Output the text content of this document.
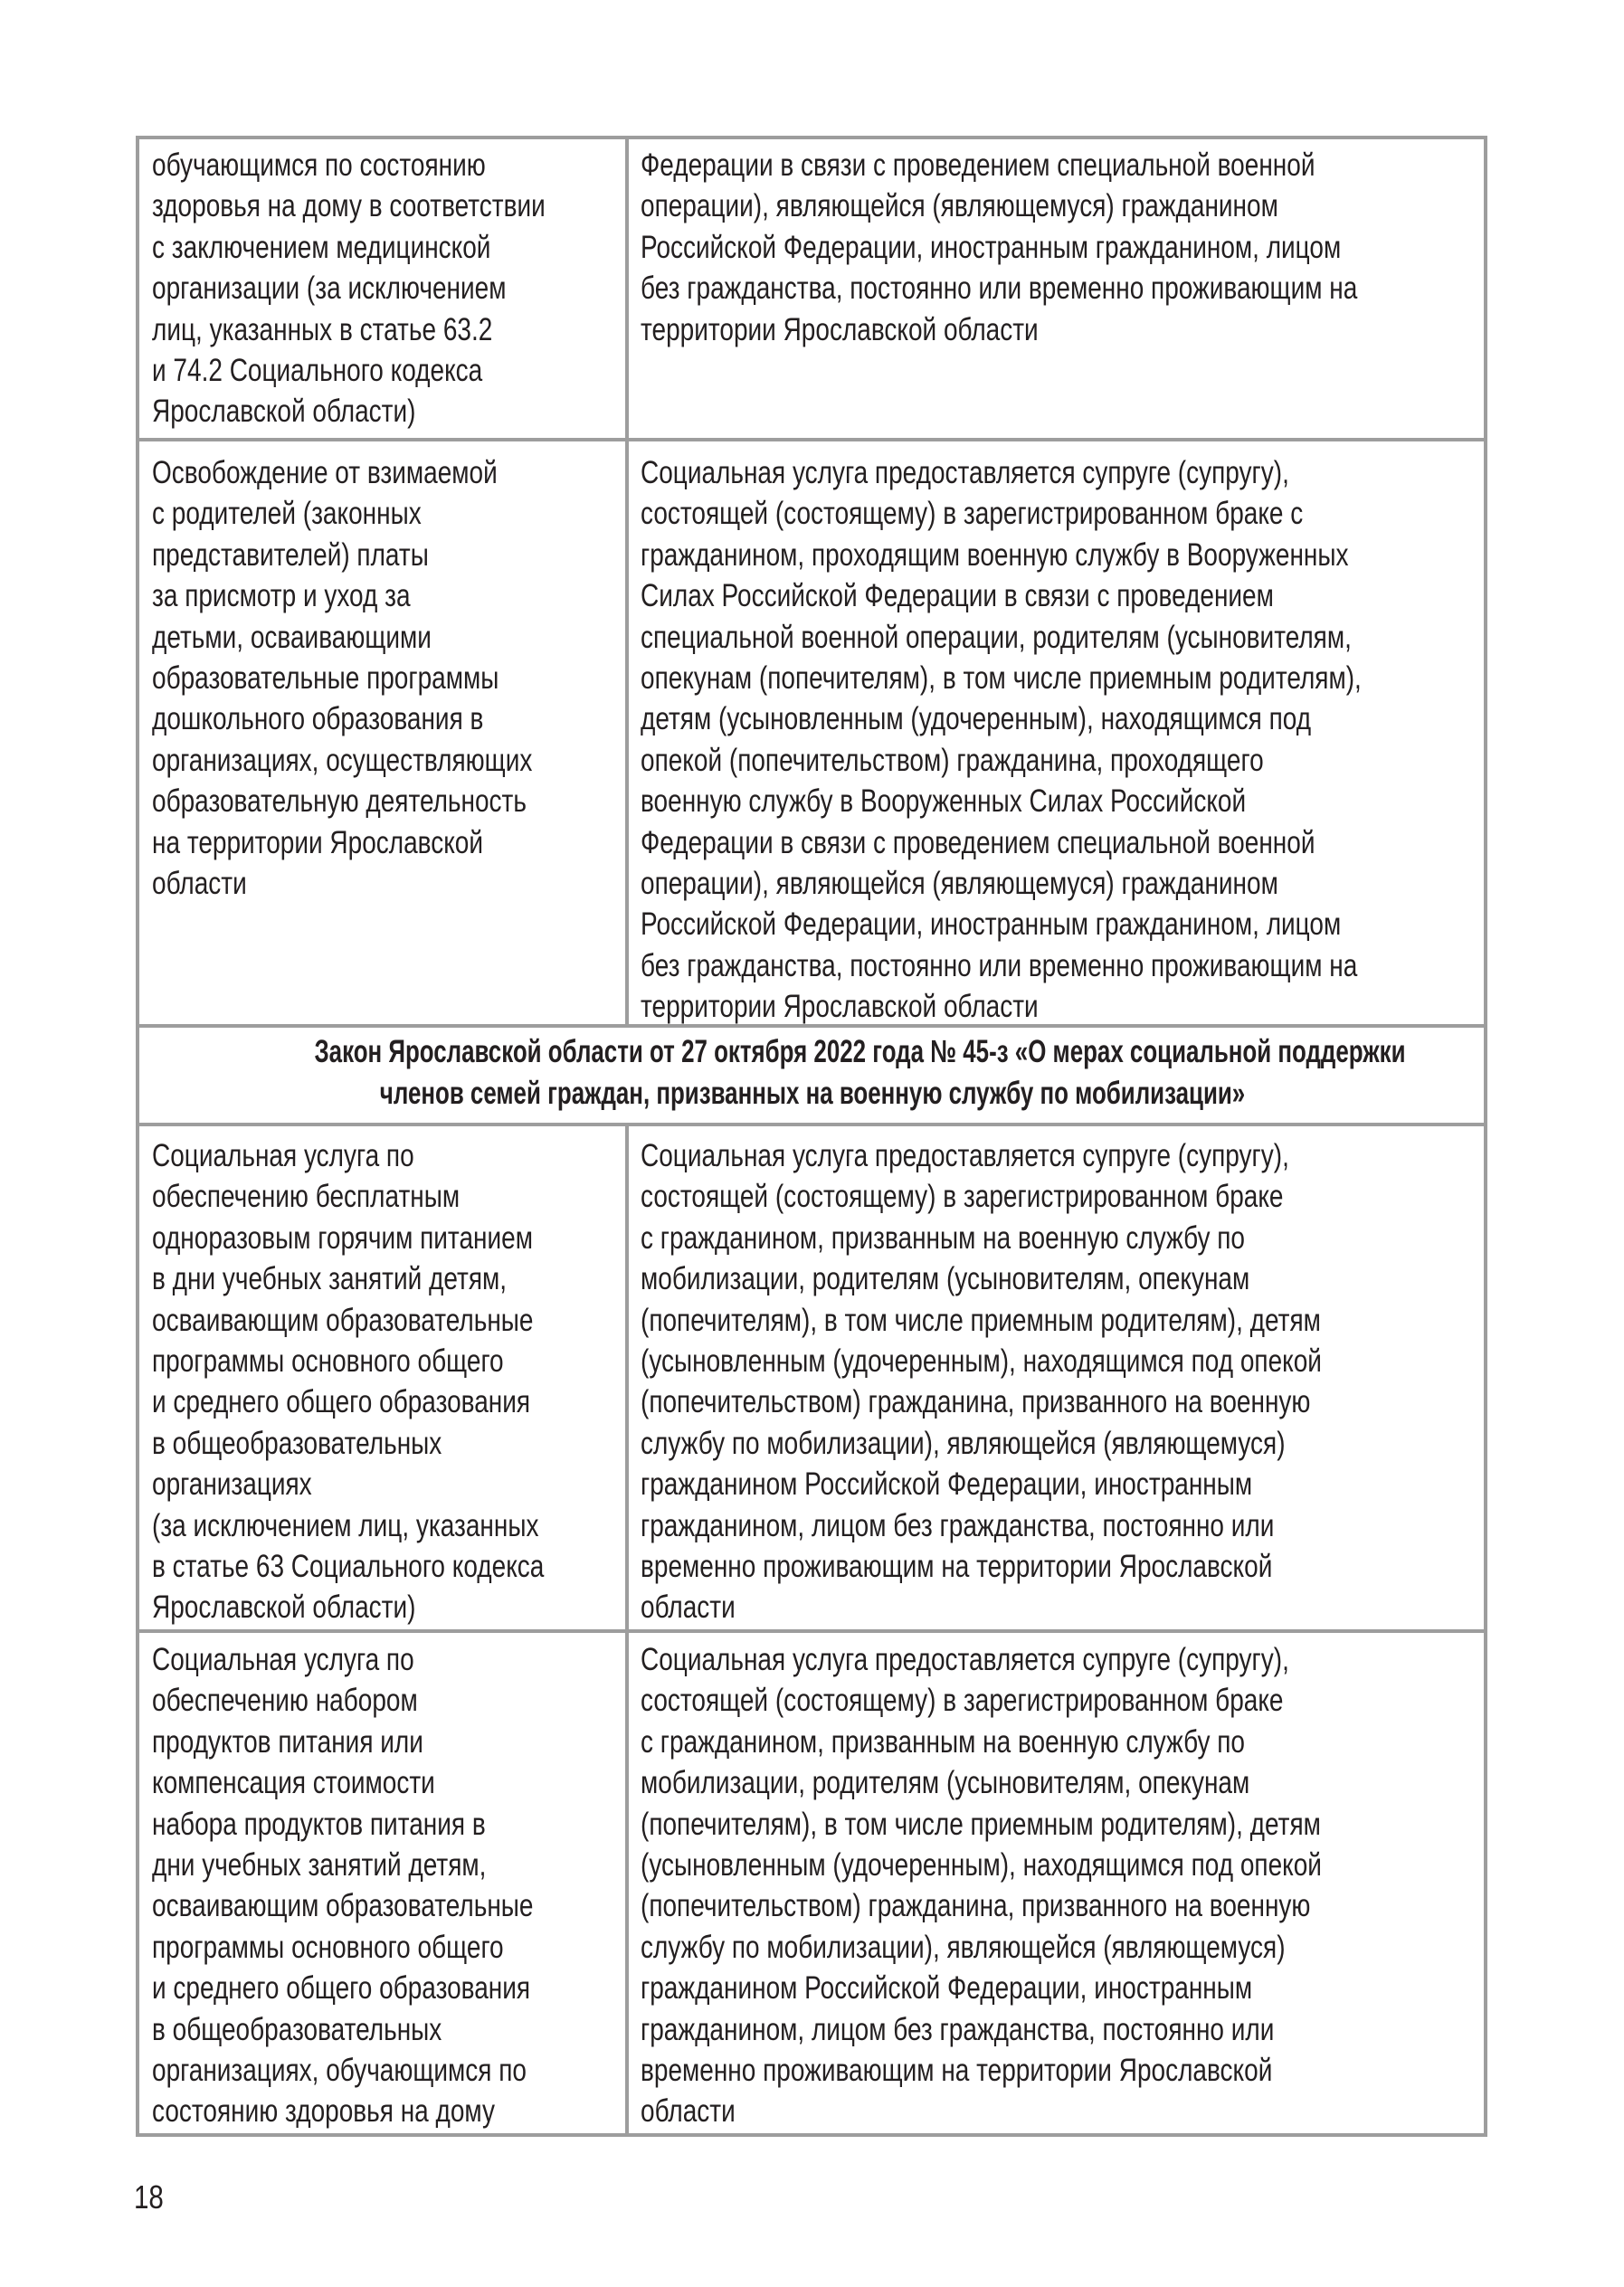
обучающимся по состоянию
здоровья на дому в соответствии
с заключением медицинской
организации (за исключением
лиц, указанных в статье 63.2
и 74.2 Социального кодекса
Ярославской области)
Федерации в связи с проведением специальной военной
операции), являющейся (являющемуся) гражданином
Российской Федерации, иностранным гражданином, лицом
без гражданства, постоянно или временно проживающим на
территории Ярославской области
Освобождение от взимаемой
с родителей (законных
представителей) платы
за присмотр и уход за
детьми, осваивающими
образовательные программы
дошкольного образования в
организациях, осуществляющих
образовательную деятельность
на территории Ярославской
области
Социальная услуга предоставляется супруге (супругу),
состоящей (состоящему) в зарегистрированном браке с
гражданином, проходящим военную службу в Вооруженных
Силах Российской Федерации в связи с проведением
специальной военной операции, родителям (усыновителям,
опекунам (попечителям), в том числе приемным родителям),
детям (усыновленным (удочеренным), находящимся под
опекой (попечительством) гражданина, проходящего
военную службу в Вооруженных Силах Российской
Федерации в связи с проведением специальной военной
операции), являющейся (являющемуся) гражданином
Российской Федерации, иностранным гражданином, лицом
без гражданства, постоянно или временно проживающим на
территории Ярославской области
Закон Ярославской области от 27 октября 2022 года № 45-з «О мерах социальной поддержки
членов семей граждан, призванных на военную службу по мобилизации»
Социальная услуга по
обеспечению бесплатным
одноразовым горячим питанием
в дни учебных занятий детям,
осваивающим образовательные
программы основного общего
и среднего общего образования
в общеобразовательных
организациях
(за исключением лиц, указанных
в статье 63 Социального кодекса
Ярославской области)
Социальная услуга предоставляется супруге (супругу),
состоящей (состоящему) в зарегистрированном браке
с гражданином, призванным на военную службу по
мобилизации, родителям (усыновителям, опекунам
(попечителям), в том числе приемным родителям), детям
(усыновленным (удочеренным), находящимся под опекой
(попечительством) гражданина, призванного на военную
службу по мобилизации), являющейся (являющемуся)
гражданином Российской Федерации, иностранным
гражданином, лицом без гражданства, постоянно или
временно проживающим на территории Ярославской
области
Социальная услуга по
обеспечению набором
продуктов питания или
компенсация стоимости
набора продуктов питания в
дни учебных занятий детям,
осваивающим образовательные
программы основного общего
и среднего общего образования
в общеобразовательных
организациях, обучающимся по
состоянию здоровья на дому
Социальная услуга предоставляется супруге (супругу),
состоящей (состоящему) в зарегистрированном браке
с гражданином, призванным на военную службу по
мобилизации, родителям (усыновителям, опекунам
(попечителям), в том числе приемным родителям), детям
(усыновленным (удочеренным), находящимся под опекой
(попечительством) гражданина, призванного на военную
службу по мобилизации), являющейся (являющемуся)
гражданином Российской Федерации, иностранным
гражданином, лицом без гражданства, постоянно или
временно проживающим на территории Ярославской
области
18
